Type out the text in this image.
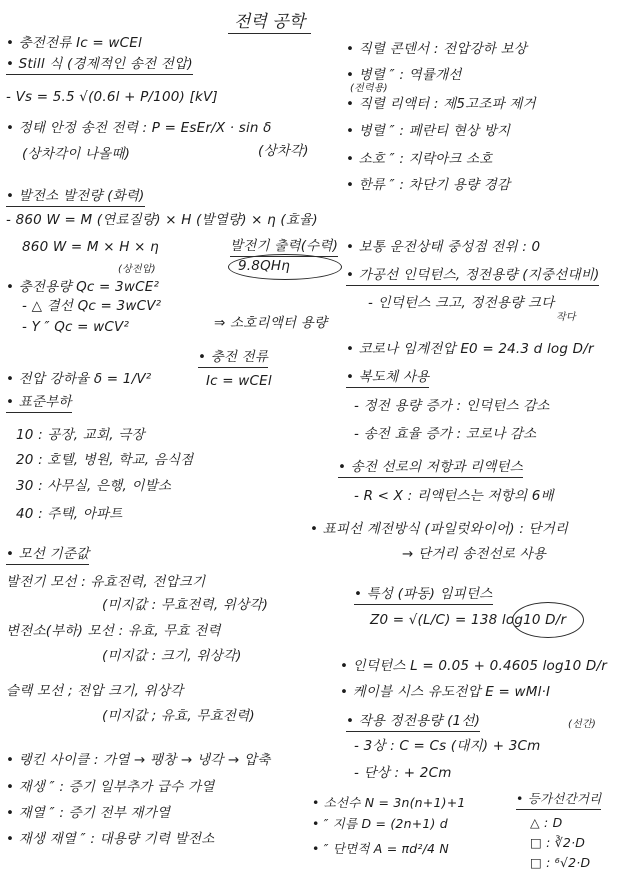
전력 공학
• 충전전류 Ic = wCEl
• Still 식 (경제적인 송전 전압)
- Vs = 5.5 √(0.6l + P/100) [kV]
• 정태 안정 송전 전력 : P = EsEr/X · sin δ
(상차각이 나올때)	(상차각)
• 발전소 발전량 (화력)
- 860 W = M (연료질량) × H (발열량) × η (효율)
860 W = M × H × η	발전기 출력(수력)
9.8QHη
(상전압)
• 충전용량 Qc = 3wCE²
- △ 결선 Qc = 3wCV²
- Y ″ Qc = wCV²	⇒ 소호리액터 용량
• 전압 강하율 δ = 1/V²
• 충전 전류
Ic = wCEl
• 표준부하
10 : 공장, 교회, 극장
20 : 호텔, 병원, 학교, 음식점
30 : 사무실, 은행, 이발소
40 : 주택, 아파트
• 모선 기준값
발전기 모선 : 유효전력, 전압크기
(미지값 : 무효전력, 위상각)
변전소(부하) 모선 : 유효, 무효 전력
(미지값 : 크기, 위상각)
슬랙 모선 ; 전압 크기, 위상각
(미지값 ; 유효, 무효전력)
• 랭킨 사이클 : 가열 → 팽창 → 냉각 → 압축
• 재생 ″ : 증기 일부추가 급수 가열
• 재열 ″ : 증기 전부 재가열
• 재생 재열 ″ : 대용량 기력 발전소
• 직렬 콘덴서 : 전압강하 보상
• 병렬 ″ : 역률개선
(전력용)
• 직렬 리액터 : 제5고조파 제거
• 병렬 ″ : 페란티 현상 방지
• 소호 ″ : 지락아크 소호
• 한류 ″ : 차단기 용량 경감
• 보통 운전상태 중성점 전위 : 0
• 가공선 인덕턴스, 정전용량 (지중선대비)
- 인덕턴스 크고, 정전용량 크다
작다
• 코로나 임계전압 E0 = 24.3 d log D/r
• 복도체 사용
- 정전 용량 증가 : 인덕턴스 감소
- 송전 효율 증가 : 코로나 감소
• 송전 선로의 저항과 리액턴스
- R < X : 리액턴스는 저항의 6배
• 표피선 계전방식 (파일럿와이어) : 단거리
→ 단거리 송전선로 사용
• 특성 (파동) 임피던스
Z0 = √(L/C) = 138 log10 D/r
• 인덕턴스 L = 0.05 + 0.4605 log10 D/r
• 케이블 시스 유도전압 E = wMl·I
• 작용 정전용량 (1선)	(선간)
- 3상 : C = Cs (대지) + 3Cm
- 단상 : + 2Cm
• 소선수 N = 3n(n+1)+1
• ″ 지름 D = (2n+1) d
• ″ 단면적 A = πd²/4 N
• 등가선간거리
△ : D
□ : ∛2·D
□ : ⁶√2·D
